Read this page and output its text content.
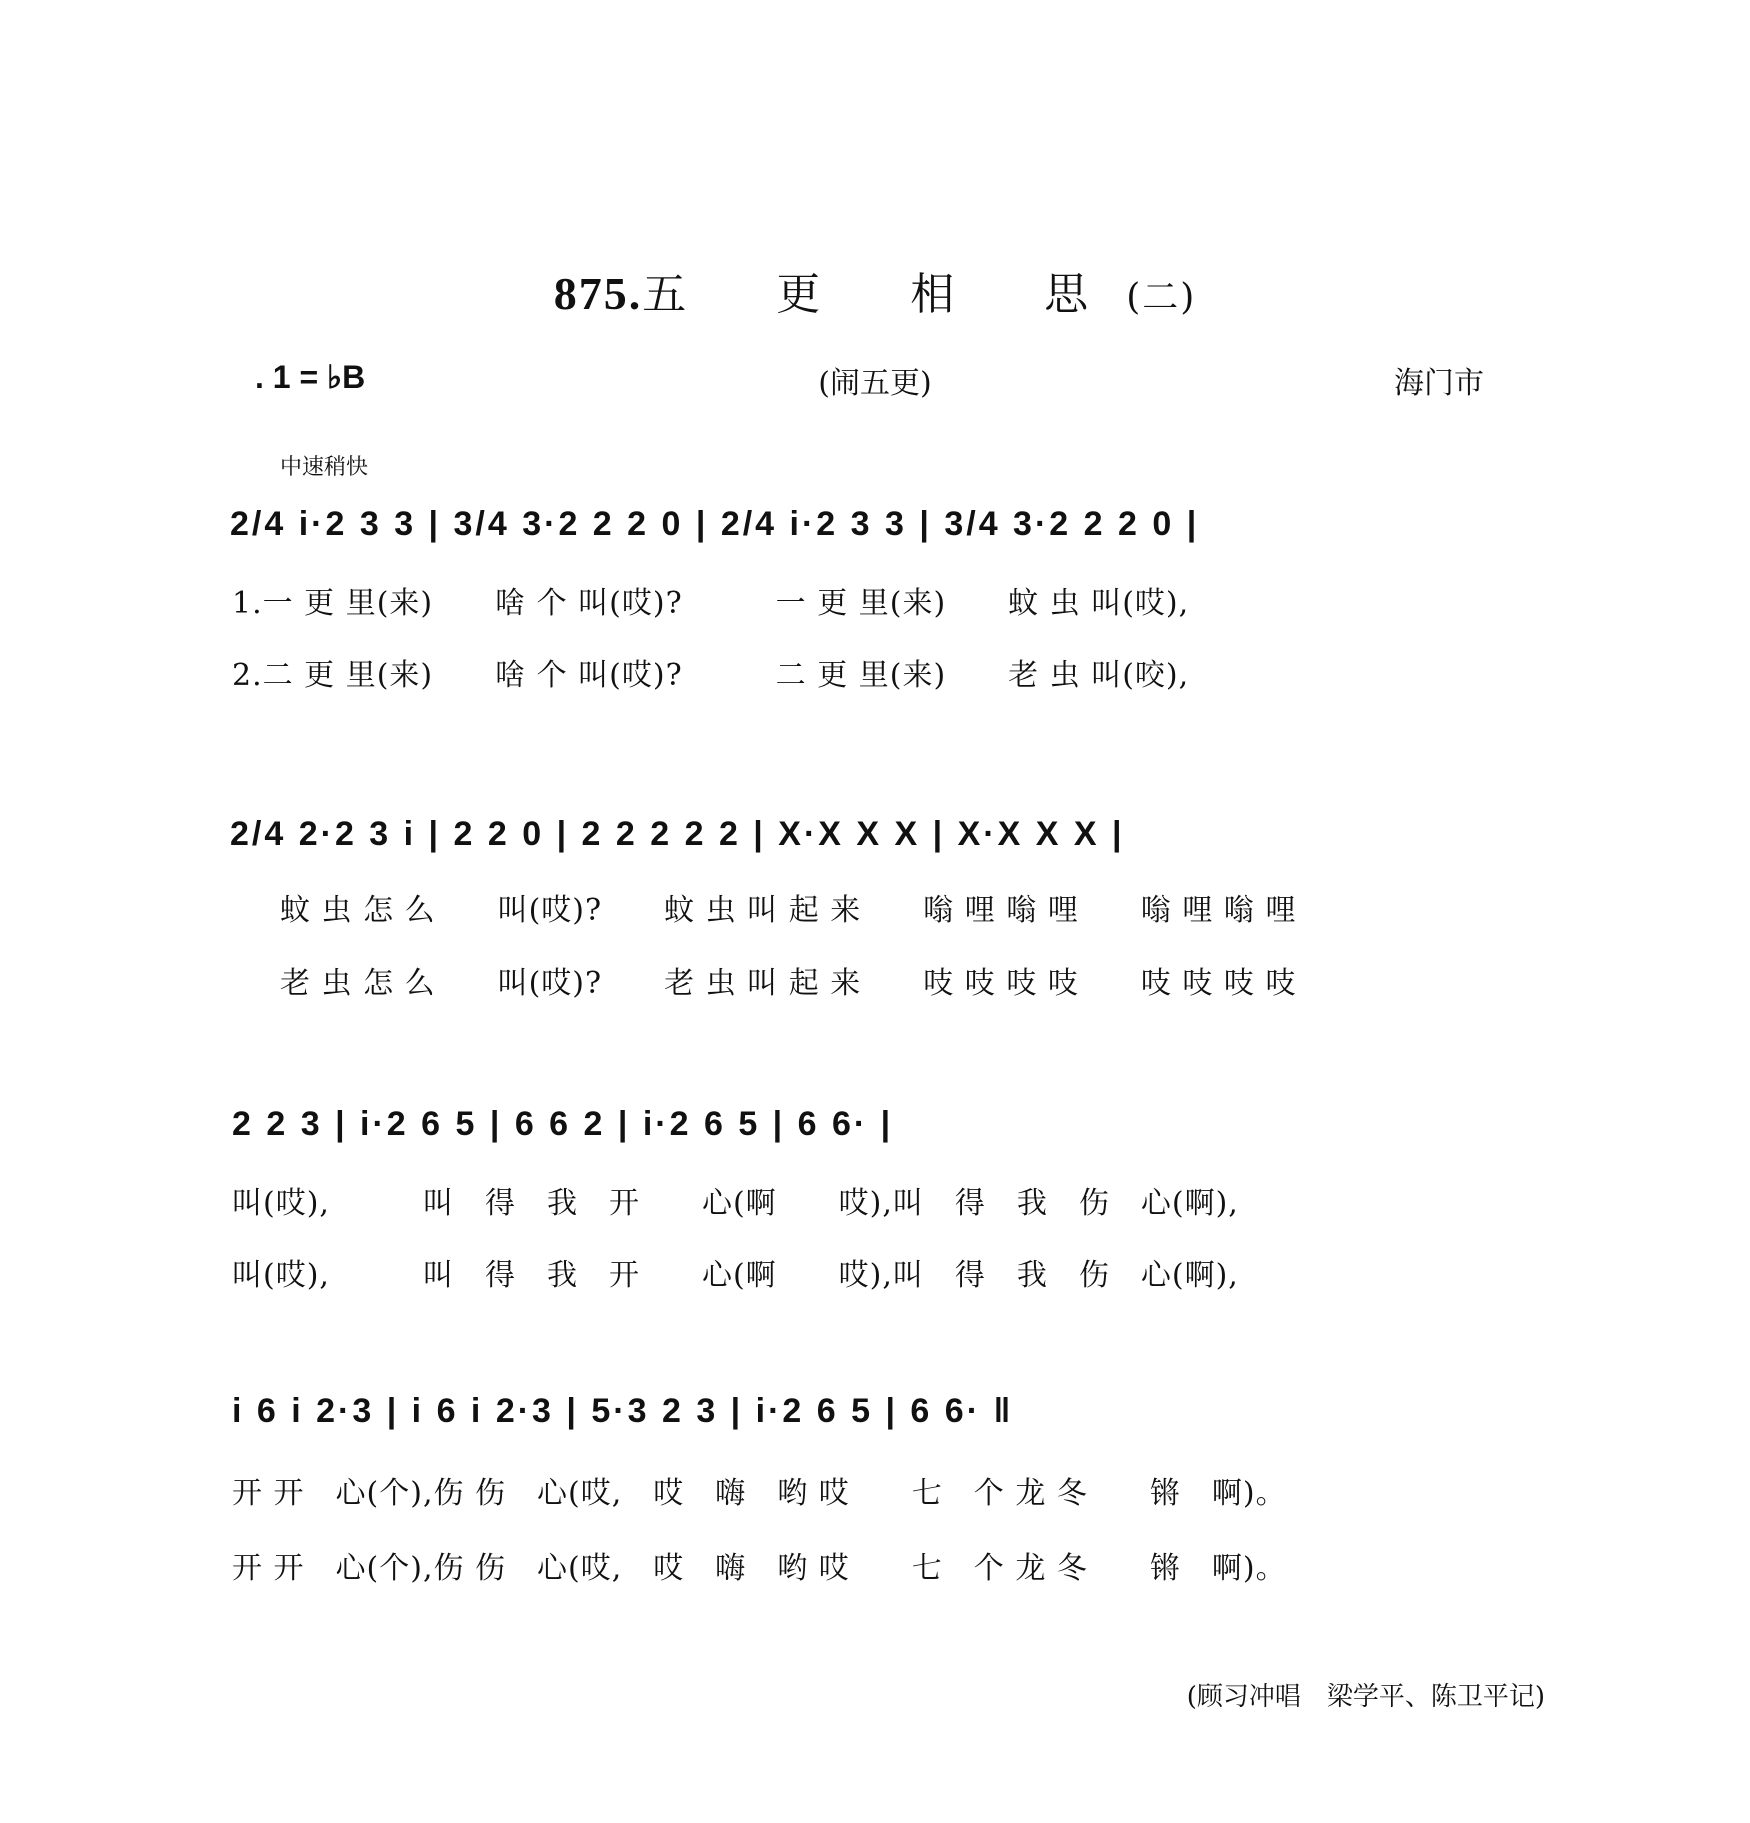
875.五 更 相 思(二)
. 1 = ♭B	(闹五更)	海门市
中速稍快
2/4 i·2 3 3 | 3/4 3·2 2 2 0 | 2/4 i·2 3 3 | 3/4 3·2 2 2 0 |
1.一 更 里(来)　　啥 个 叫(哎)?　　　一 更 里(来)　　蚊 虫 叫(哎),
2.二 更 里(来)　　啥 个 叫(哎)?　　　二 更 里(来)　　老 虫 叫(咬),
2/4 2·2 3 i | 2 2 0 | 2 2 2 2 2 | X·X X X | X·X X X |
蚊 虫 怎 么　　叫(哎)?　　蚊 虫 叫 起 来　　嗡 哩 嗡 哩　　嗡 哩 嗡 哩
老 虫 怎 么　　叫(哎)?　　老 虫 叫 起 来　　吱 吱 吱 吱　　吱 吱 吱 吱
2 2 3 | i·2 6 5 | 6 6 2 | i·2 6 5 | 6 6· |
叫(哎),　　　叫　得　我　开　　心(啊　　哎),叫　得　我　伤　心(啊),
叫(哎),　　　叫　得　我　开　　心(啊　　哎),叫　得　我　伤　心(啊),
i 6 i 2·3 | i 6 i 2·3 | 5·3 2 3 | i·2 6 5 | 6 6· ‖
开 开　心(个),伤 伤　心(哎,　哎　嗨　哟 哎　　七　个 龙 冬　　锵　啊)。
开 开　心(个),伤 伤　心(哎,　哎　嗨　哟 哎　　七　个 龙 冬　　锵　啊)。
(顾习冲唱　梁学平、陈卫平记)
